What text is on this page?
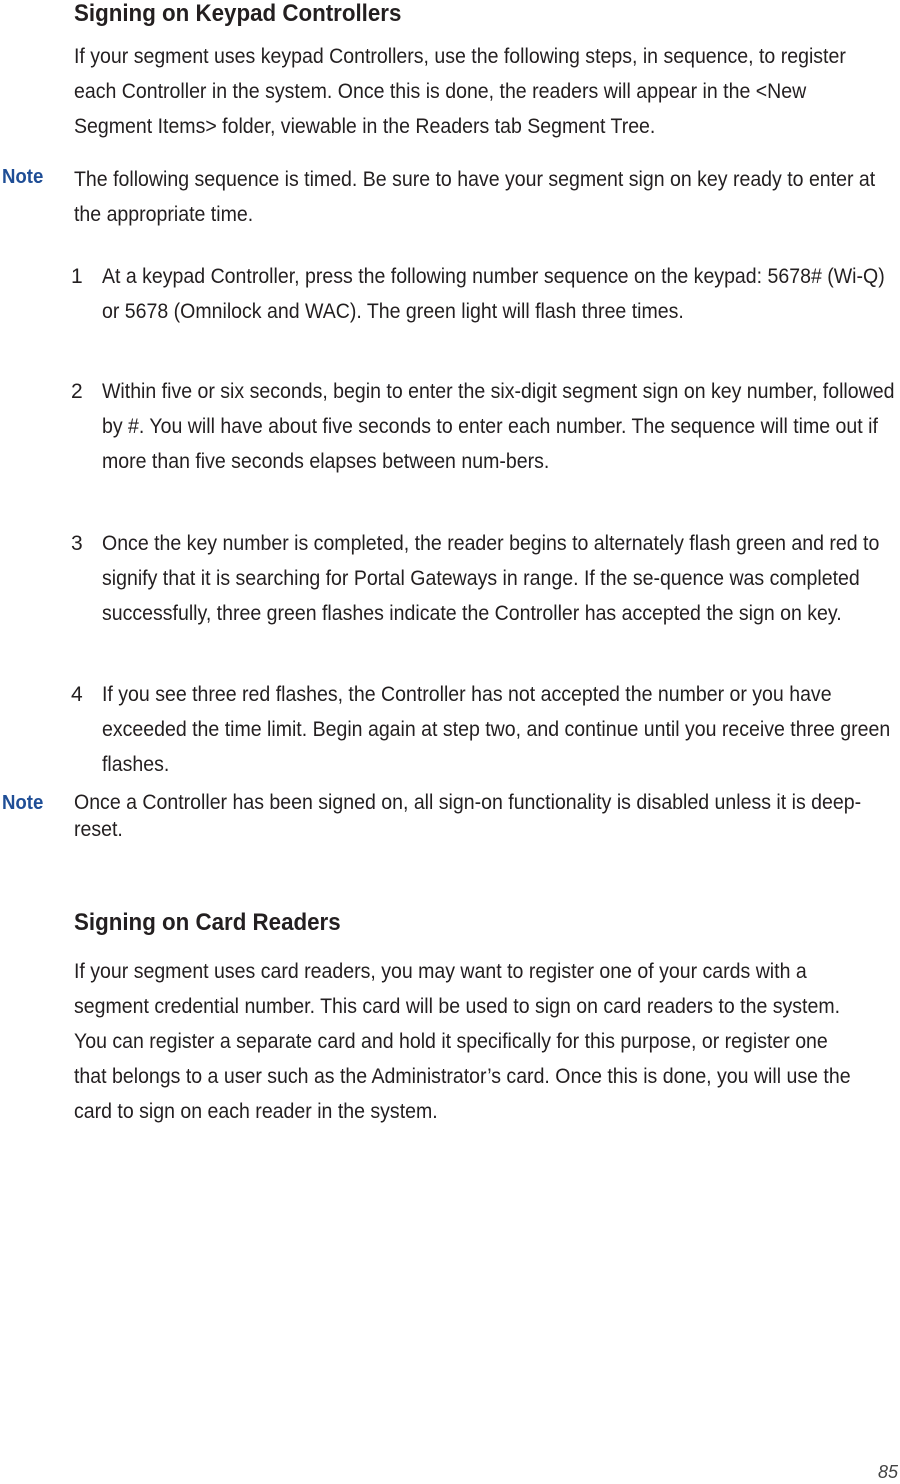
Signing on Keypad Controllers

If your segment uses keypad Controllers, use the following steps, in sequence, to register each Controller in the system. Once this is done, the readers will appear in the <New Segment Items> folder, viewable in the Readers tab Segment Tree.

Note The following sequence is timed. Be sure to have your segment sign on key ready to enter at the appropriate time.

1 At a keypad Controller, press the following number sequence on the keypad: 5678# (Wi-Q) or 5678 (Omnilock and WAC). The green light will flash three times.

2 Within five or six seconds, begin to enter the six-digit segment sign on key number, followed by #. You will have about five seconds to enter each number. The sequence will time out if more than five seconds elapses between num-bers.

3 Once the key number is completed, the reader begins to alternately flash green and red to signify that it is searching for Portal Gateways in range. If the se-quence was completed successfully, three green flashes indicate the Controller has accepted the sign on key.

4 If you see three red flashes, the Controller has not accepted the number or you have exceeded the time limit. Begin again at step two, and continue until you receive three green flashes.

Note Once a Controller has been signed on, all sign-on functionality is disabled unless it is deep-reset.

Signing on Card Readers

If your segment uses card readers, you may want to register one of your cards with a segment credential number. This card will be used to sign on card readers to the system. You can register a separate card and hold it specifically for this purpose, or register one that belongs to a user such as the Administrator’s card. Once this is done, you will use the card to sign on each reader in the system.

85
